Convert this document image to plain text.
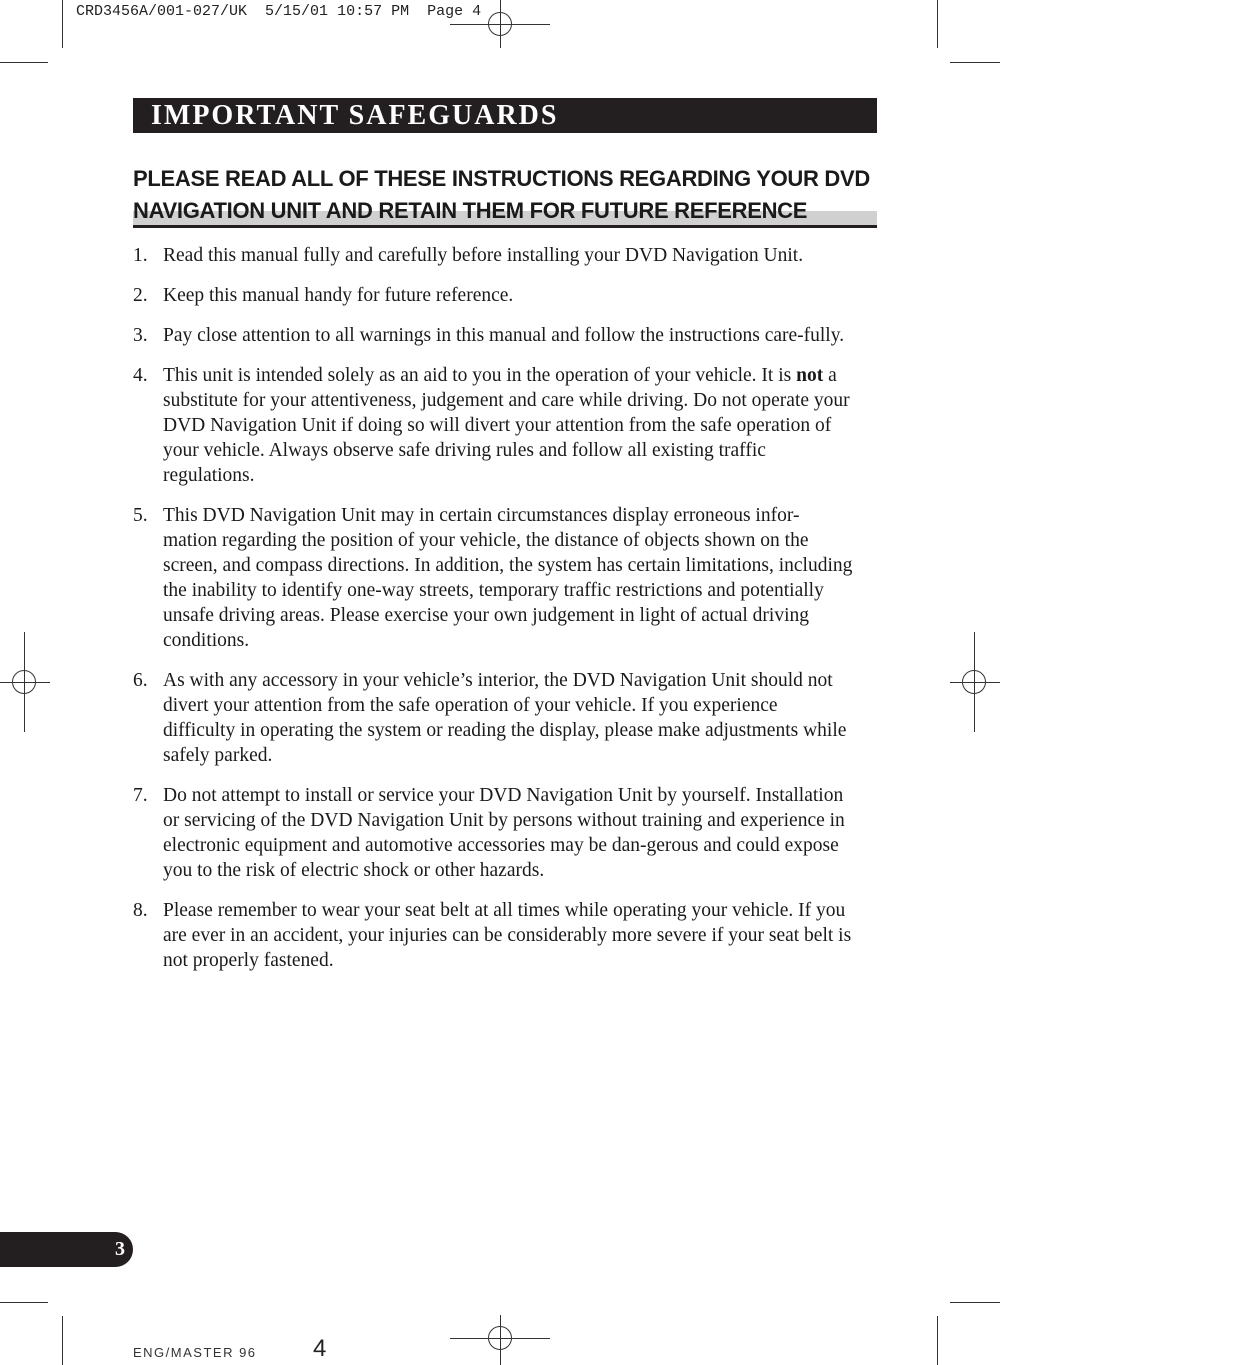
CRD3456A/001-027/UK 5/15/01 10:57 PM Page 4
IMPORTANT SAFEGUARDS
PLEASE READ ALL OF THESE INSTRUCTIONS REGARDING YOUR DVD
NAVIGATION UNIT AND RETAIN THEM FOR FUTURE REFERENCE
1. Read this manual fully and carefully before installing your DVD Navigation Unit.
2. Keep this manual handy for future reference.
3. Pay close attention to all warnings in this manual and follow the instructions care-fully.
4. This unit is intended solely as an aid to you in the operation of your vehicle. It is not a substitute for your attentiveness, judgement and care while driving. Do not operate your DVD Navigation Unit if doing so will divert your attention from the safe operation of your vehicle. Always observe safe driving rules and follow all existing traffic regulations.
5. This DVD Navigation Unit may in certain circumstances display erroneous infor-mation regarding the position of your vehicle, the distance of objects shown on the screen, and compass directions. In addition, the system has certain limitations, including the inability to identify one-way streets, temporary traffic restrictions and potentially unsafe driving areas. Please exercise your own judgement in light of actual driving conditions.
6. As with any accessory in your vehicle’s interior, the DVD Navigation Unit should not divert your attention from the safe operation of your vehicle. If you experience difficulty in operating the system or reading the display, please make adjustments while safely parked.
7. Do not attempt to install or service your DVD Navigation Unit by yourself. Installation or servicing of the DVD Navigation Unit by persons without training and experience in electronic equipment and automotive accessories may be dan-gerous and could expose you to the risk of electric shock or other hazards.
8. Please remember to wear your seat belt at all times while operating your vehicle. If you are ever in an accident, your injuries can be considerably more severe if your seat belt is not properly fastened.
3
ENG/MASTER 96 4
